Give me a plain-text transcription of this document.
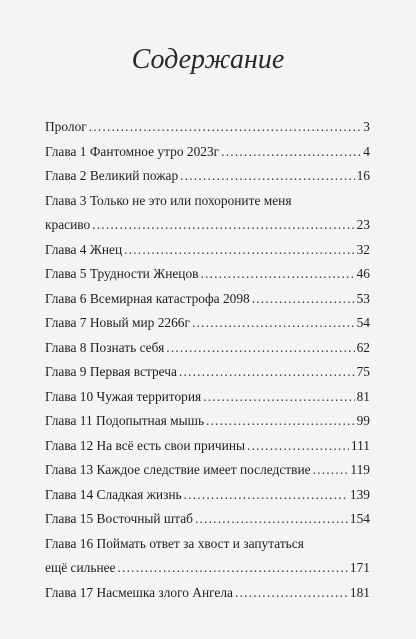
Содержание
Пролог .....	3
Глава 1 Фантомное утро 2023г .....	4
Глава 2 Великий пожар .....	16
Глава 3 Только не это или похороните меня
красиво .....	23
Глава 4 Жнец .....	32
Глава 5 Трудности Жнецов .....	46
Глава 6 Всемирная катастрофа 2098 .....	53
Глава 7 Новый мир 2266г .....	54
Глава 8 Познать себя .....	62
Глава 9 Первая встреча .....	75
Глава 10 Чужая территория .....	81
Глава 11 Подопытная мышь .....	99
Глава 12 На всё есть свои причины .....	111
Глава 13 Каждое следствие имеет последствие .....	119
Глава 14 Сладкая жизнь .....	139
Глава 15 Восточный штаб .....	154
Глава 16 Поймать ответ за хвост и запутаться
ещё сильнее .....	171
Глава 17 Насмешка злого Ангела .....	181
